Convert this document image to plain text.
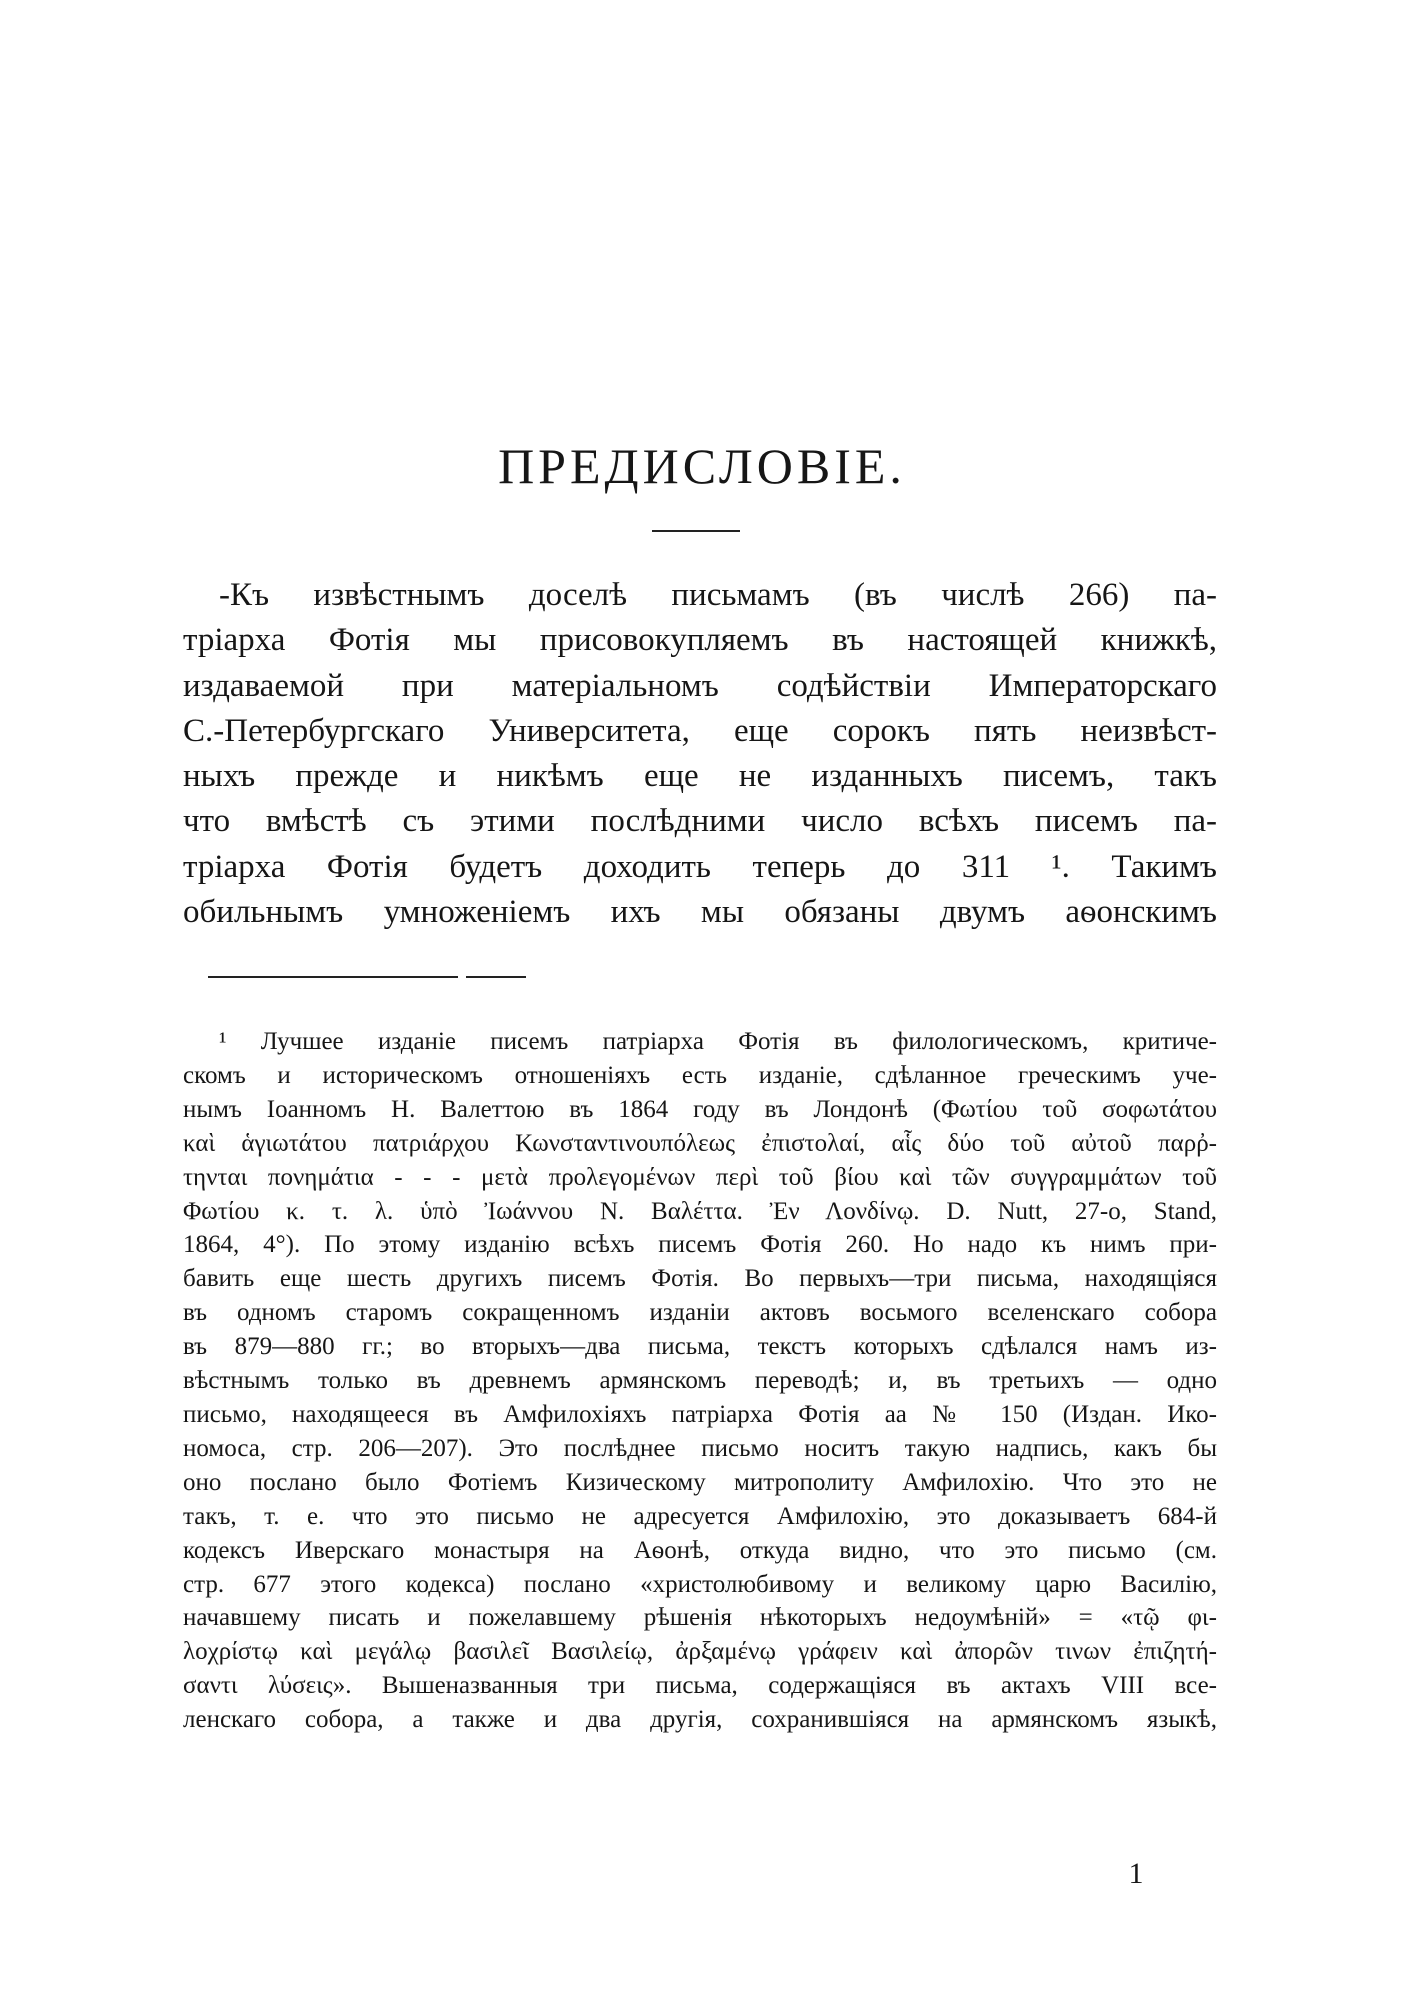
ПРЕДИСЛОВІЕ.

-Къ извѣстнымъ доселѣ письмамъ (въ числѣ 266) па-
тріарха Фотія мы присовокупляемъ въ настоящей книжкѣ,
издаваемой при матеріальномъ содѣйствіи Императорскаго
С.-Петербургскаго Университета, еще сорокъ пять неизвѣст-
ныхъ прежде и никѣмъ еще не изданныхъ писемъ, такъ
что вмѣстѣ съ этими послѣдними число всѣхъ писемъ па-
тріарха Фотія будетъ доходить теперь до 311 ¹. Такимъ
обильнымъ умноженіемъ ихъ мы обязаны двумъ аѳонскимъ

¹ Лучшее изданіе писемъ патріарха Фотія въ филологическомъ, критиче-
скомъ и историческомъ отношеніяхъ есть изданіе, сдѣланное греческимъ уче-
нымъ Іоанномъ Н. Валеттою въ 1864 году въ Лондонѣ (Φωτίου τοῦ σοφωτάτου
καὶ ἁγιωτάτου πατριάρχου Κωνσταντινουπόλεως ἐπιστολαί, αἷς δύο τοῦ αὐτοῦ παρῤ-
τηνται πονημάτια - - - μετὰ προλεγομένων περὶ τοῦ βίου καὶ τῶν συγγραμμάτων τοῦ
Φωτίου κ. τ. λ. ὑπὸ Ἰωάννου Ν. Βαλέττα. Ἐν Λονδίνῳ. D. Nutt, 27-o, Stand,
1864, 4°). По этому изданію всѣхъ писемъ Фотія 260. Но надо къ нимъ при-
бавить еще шесть другихъ писемъ Фотія. Во первыхъ—три письма, находящіяся
въ одномъ старомъ сокращенномъ изданіи актовъ восьмого вселенскаго собора
въ 879—880 гг.; во вторыхъ—два письма, текстъ которыхъ сдѣлался намъ из-
вѣстнымъ только въ древнемъ армянскомъ переводѣ; и, въ третьихъ — одно
письмо, находящееся въ Амфилохіяхъ патріарха Фотія аа № 150 (Издан. Ико-
номоса, стр. 206—207). Это послѣднее письмо носитъ такую надпись, какъ бы
оно послано было Фотіемъ Кизическому митрополиту Амфилохію. Что это не
такъ, т. е. что это письмо не адресуется Амфилохію, это доказываетъ 684-й
кодексъ Иверскаго монастыря на Аѳонѣ, откуда видно, что это письмо (см.
стр. 677 этого кодекса) послано «христолюбивому и великому царю Василію,
начавшему писать и пожелавшему рѣшенія нѣкоторыхъ недоумѣній» = «τῷ φι-
λοχρίστῳ καὶ μεγάλῳ βασιλεῖ Βασιλείῳ, ἀρξαμένῳ γράφειν καὶ ἀπορῶν τινων ἐπιζητή-
σαντι λύσεις». Вышеназванныя три письма, содержащіяся въ актахъ VIII все-
ленскаго собора, а также и два другія, сохранившіяся на армянскомъ языкѣ,

1
